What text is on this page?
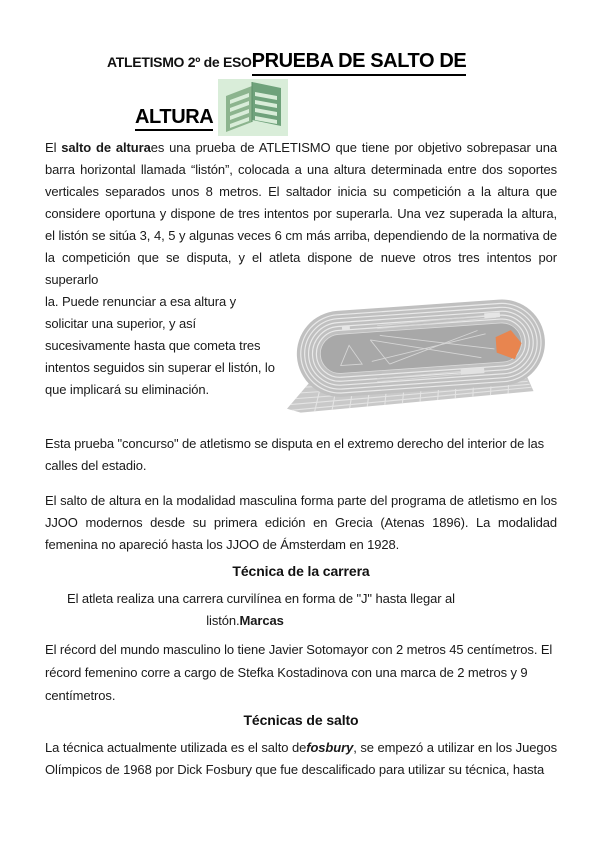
ATLETISMO 2º de ESO PRUEBA DE SALTO DE
ALTURA

El salto de alturaes una prueba de ATLETISMO que tiene por objetivo sobrepasar una barra horizontal llamada “listón”, colocada a una altura determinada entre dos soportes verticales separados unos 8 metros. El saltador inicia su competición a la altura que considere oportuna y dispone de tres intentos por superarla. Una vez superada la altura, el listón se sitúa 3, 4, 5 y algunas veces 6 cm más arriba, dependiendo de la normativa de la competición que se disputa, y el atleta dispone de nueve otros tres intentos por superarlo

la. Puede renunciar a esa altura y solicitar una superior, y así sucesivamente hasta que cometa tres intentos seguidos sin superar el listón, lo que implicará su eliminación.

Esta prueba "concurso" de atletismo se disputa en el extremo derecho del interior de las calles del estadio.

El salto de altura en la modalidad masculina forma parte del programa de atletismo en los JJOO modernos desde su primera edición en Grecia (Atenas 1896). La modalidad femenina no apareció hasta los JJOO de Ámsterdam en 1928.

Técnica de la carrera

El atleta realiza una carrera curvilínea en forma de "J" hasta llegar al

listón.Marcas

El récord del mundo masculino lo tiene Javier Sotomayor con 2 metros 45 centímetros. El récord femenino corre a cargo de Stefka Kostadinova con una marca de 2 metros y 9 centímetros.

Técnicas de salto

La técnica actualmente utilizada es el salto defosbury, se empezó a utilizar en los Juegos Olímpicos de 1968 por Dick Fosbury que fue descalificado para utilizar su técnica, hasta
